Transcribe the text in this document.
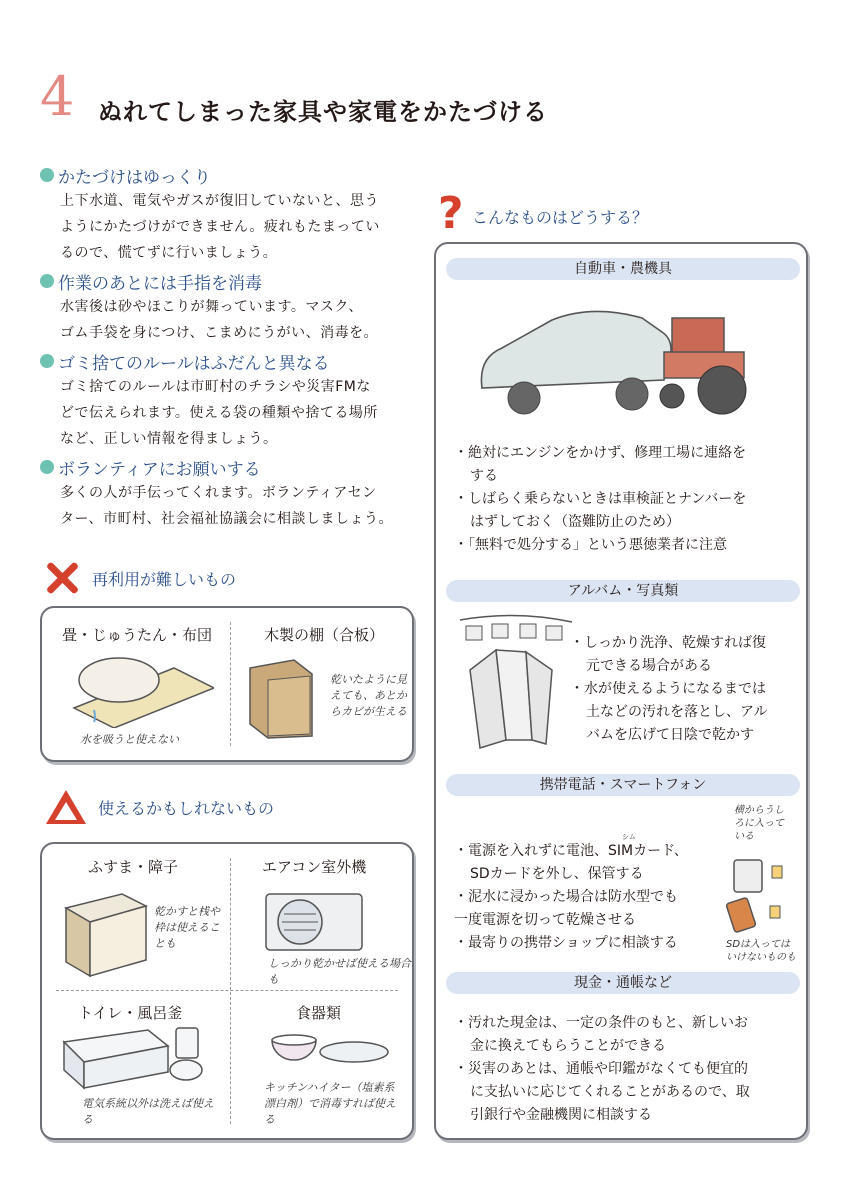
4 ぬれてしまった家具や家電をかたづける
かたづけはゆっくり
上下水道、電気やガスが復旧していないと、思う
ようにかたづけができません。疲れもたまってい
るので、慌てずに行いましょう。
作業のあとには手指を消毒
水害後は砂やほこりが舞っています。マスク、
ゴム手袋を身につけ、こまめにうがい、消毒を。
ゴミ捨てのルールはふだんと異なる
ゴミ捨てのルールは市町村のチラシや災害FMな
どで伝えられます。使える袋の種類や捨てる場所
など、正しい情報を得ましょう。
ボランティアにお願いする
多くの人が手伝ってくれます。ボランティアセン
ター、市町村、社会福祉協議会に相談しましょう。
再利用が難しいもの
畳・じゅうたん・布団
水を吸うと使えない
木製の棚（合板）
乾いたように見えても、あとからカビが生える
使えるかもしれないもの
ふすま・障子
乾かすと桟や枠は使えることも
エアコン室外機
しっかり乾かせば使える場合も
トイレ・風呂釜
電気系統以外は洗えば使える
食器類
キッチンハイター（塩素系漂白剤）で消毒すれば使える
? こんなものはどうする？
自動車・農機具
・絶対にエンジンをかけず、修理工場に連絡を
する
・しばらく乗らないときは車検証とナンバーを
はずしておく（盗難防止のため）
・「無料で処分する」という悪徳業者に注意
アルバム・写真類
・しっかり洗浄、乾燥すれば復
元できる場合がある
・水が使えるようになるまでは
土などの汚れを落とし、アル
バムを広げて日陰で乾かす
携帯電話・スマートフォン
シム
・電源を入れずに電池、SIMカード、
SDカードを外し、保管する
・泥水に浸かった場合は防水型でも
一度電源を切って乾燥させる
・最寄りの携帯ショップに相談する
横からうしろに入っている
SDは入ってはいけないものも
現金・通帳など
・汚れた現金は、一定の条件のもと、新しいお
金に換えてもらうことができる
・災害のあとは、通帳や印鑑がなくても便宜的
に支払いに応じてくれることがあるので、取
引銀行や金融機関に相談する
